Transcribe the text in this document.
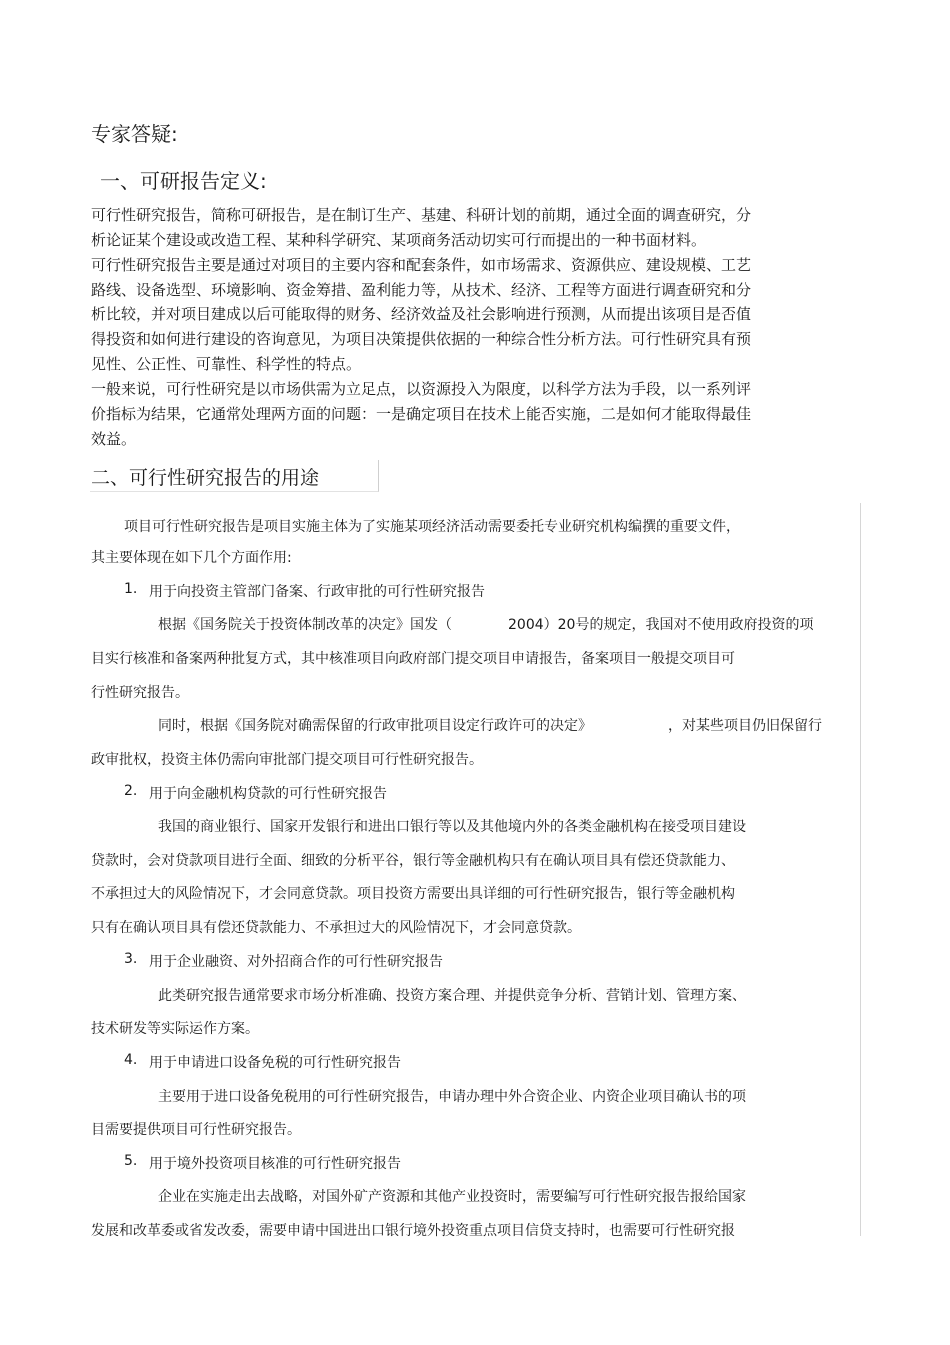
专家答疑:
一、可研报告定义:
可行性研究报告，简称可研报告，是在制订生产、基建、科研计划的前期，通过全面的调查研究，分
析论证某个建设或改造工程、某种科学研究、某项商务活动切实可行而提出的一种书面材料。
可行性研究报告主要是通过对项目的主要内容和配套条件，如市场需求、资源供应、建设规模、工艺
路线、设备选型、环境影响、资金筹措、盈利能力等，从技术、经济、工程等方面进行调查研究和分
析比较，并对项目建成以后可能取得的财务、经济效益及社会影响进行预测，从而提出该项目是否值
得投资和如何进行建设的咨询意见，为项目决策提供依据的一种综合性分析方法。可行性研究具有预
见性、公正性、可靠性、科学性的特点。
一般来说，可行性研究是以市场供需为立足点，以资源投入为限度，以科学方法为手段，以一系列评
价指标为结果，它通常处理两方面的问题：一是确定项目在技术上能否实施，二是如何才能取得最佳
效益。
二、可行性研究报告的用途
项目可行性研究报告是项目实施主体为了实施某项经济活动需要委托专业研究机构编撰的重要文件，
其主要体现在如下几个方面作用:
1. 用于向投资主管部门备案、行政审批的可行性研究报告
根据《国务院关于投资体制改革的决定》国发（	2004）20号的规定，我国对不使用政府投资的项
目实行核准和备案两种批复方式，其中核准项目向政府部门提交项目申请报告，备案项目一般提交项目可
行性研究报告。
同时，根据《国务院对确需保留的行政审批项目设定行政许可的决定》	，对某些项目仍旧保留行
政审批权，投资主体仍需向审批部门提交项目可行性研究报告。
2. 用于向金融机构贷款的可行性研究报告
我国的商业银行、国家开发银行和进出口银行等以及其他境内外的各类金融机构在接受项目建设
贷款时，会对贷款项目进行全面、细致的分析平谷，银行等金融机构只有在确认项目具有偿还贷款能力、
不承担过大的风险情况下，才会同意贷款。项目投资方需要出具详细的可行性研究报告，银行等金融机构
只有在确认项目具有偿还贷款能力、不承担过大的风险情况下，才会同意贷款。
3. 用于企业融资、对外招商合作的可行性研究报告
此类研究报告通常要求市场分析准确、投资方案合理、并提供竞争分析、营销计划、管理方案、
技术研发等实际运作方案。
4. 用于申请进口设备免税的可行性研究报告
主要用于进口设备免税用的可行性研究报告，申请办理中外合资企业、内资企业项目确认书的项
目需要提供项目可行性研究报告。
5. 用于境外投资项目核准的可行性研究报告
企业在实施走出去战略，对国外矿产资源和其他产业投资时，需要编写可行性研究报告报给国家
发展和改革委或省发改委，需要申请中国进出口银行境外投资重点项目信贷支持时，也需要可行性研究报
